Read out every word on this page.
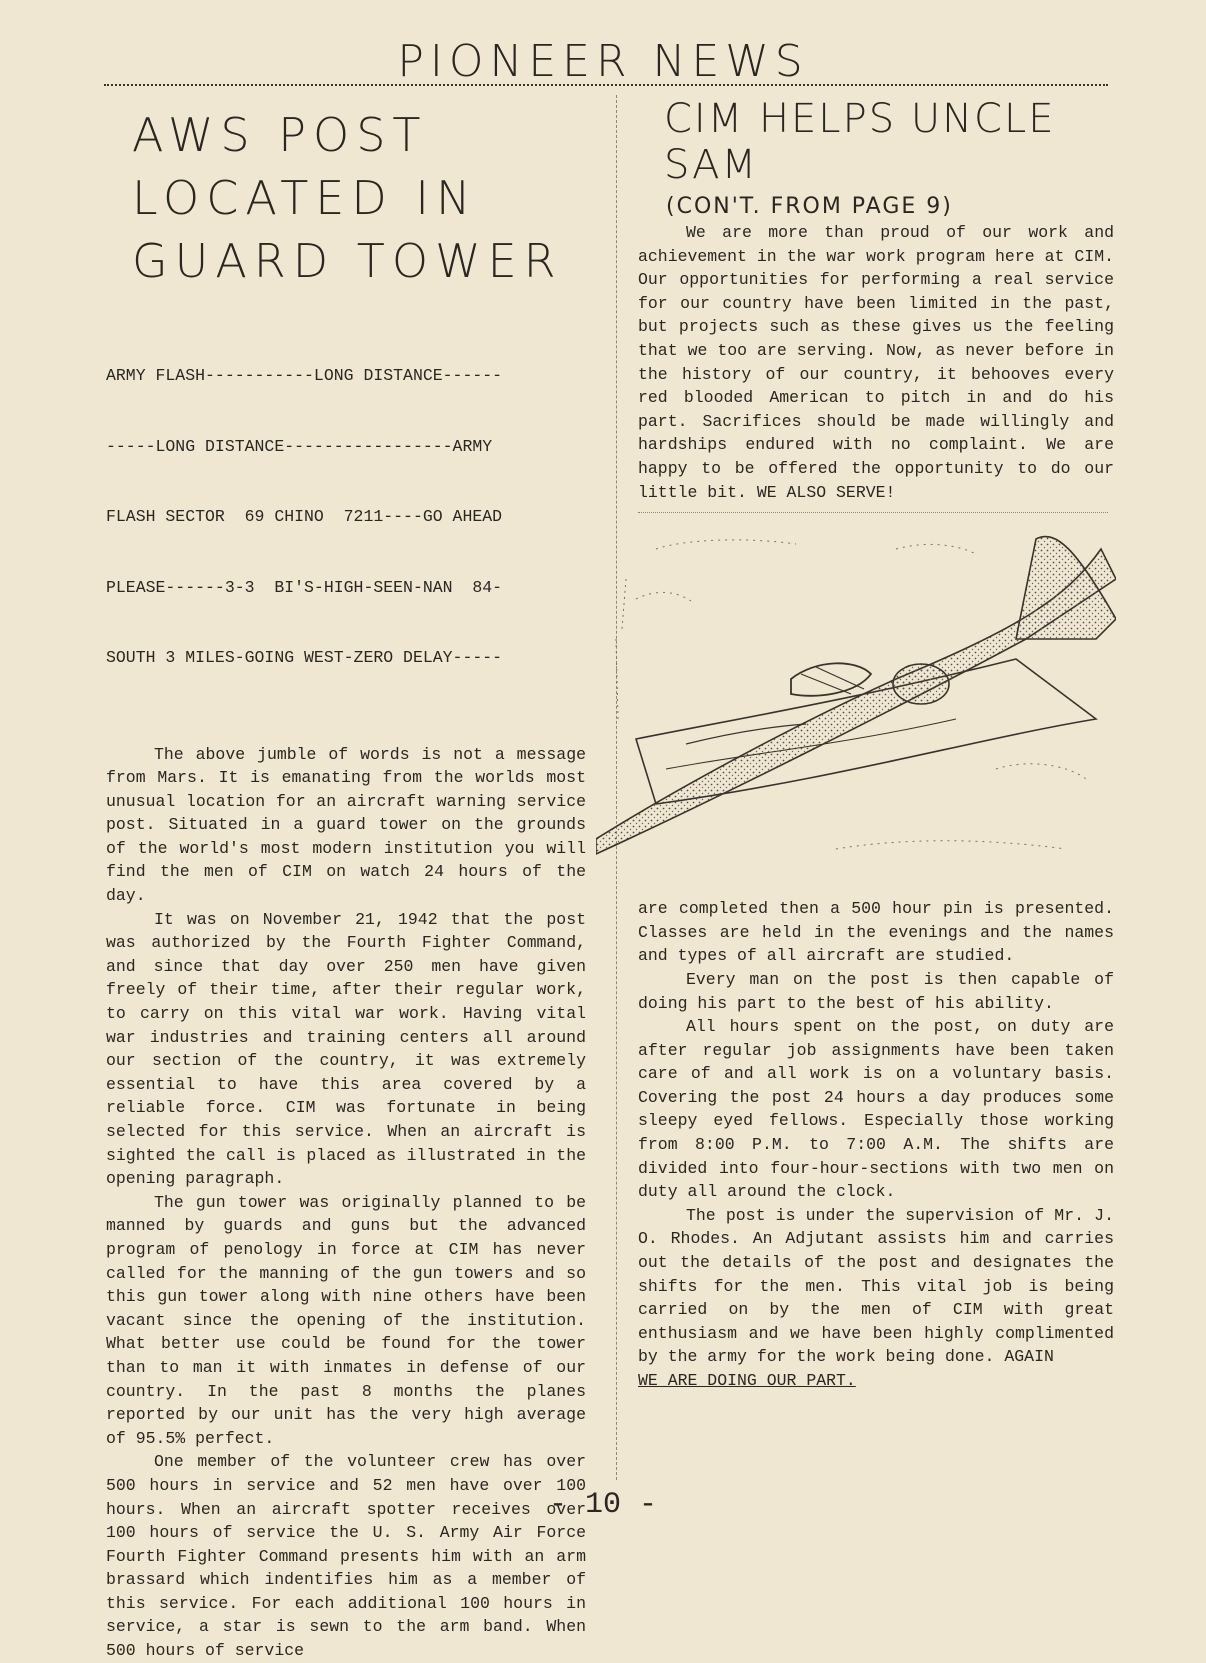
PIONEER NEWS
AWS POST
LOCATED IN
GUARD TOWER

ARMY FLASH-----------LONG DISTANCE------

-----LONG DISTANCE-----------------ARMY

FLASH SECTOR  69 CHINO  7211----GO AHEAD

PLEASE------3-3  BI'S-HIGH-SEEN-NAN  84-

SOUTH 3 MILES-GOING WEST-ZERO DELAY-----

The above jumble of words is not a message from Mars. It is emanating from the worlds most unusual location for an aircraft warning service post. Situated in a guard tower on the grounds of the world's most modern institution you will find the men of CIM on watch 24 hours of the day.

It was on November 21, 1942 that the post was authorized by the Fourth Fighter Command, and since that day over 250 men have given freely of their time, after their regular work, to carry on this vital war work. Having vital war industries and training centers all around our section of the country, it was extremely essential to have this area covered by a reliable force. CIM was fortunate in being selected for this service. When an aircraft is sighted the call is placed as illustrated in the opening paragraph.

The gun tower was originally planned to be manned by guards and guns but the advanced program of penology in force at CIM has never called for the manning of the gun towers and so this gun tower along with nine others have been vacant since the opening of the institution. What better use could be found for the tower than to man it with inmates in defense of our country. In the past 8 months the planes reported by our unit has the very high average of 95.5% perfect.

One member of the volunteer crew has over 500 hours in service and 52 men have over 100 hours. When an aircraft spotter receives over 100 hours of service the U. S. Army Air Force Fourth Fighter Command presents him with an arm brassard which indentifies him as a member of this service. For each additional 100 hours in service, a star is sewn to the arm band. When 500 hours of service

CIM HELPS UNCLE SAM
(CON'T. FROM PAGE 9)

We are more than proud of our work and achievement in the war work program here at CIM. Our opportunities for performing a real service for our country have been limited in the past, but projects such as these gives us the feeling that we too are serving. Now, as never before in the history of our country, it behooves every red blooded American to pitch in and do his part. Sacrifices should be made willingly and hardships endured with no complaint. We are happy to be offered the opportunity to do our little bit. WE ALSO SERVE!

are completed then a 500 hour pin is presented. Classes are held in the evenings and the names and types of all aircraft are studied.

Every man on the post is then capable of doing his part to the best of his ability.

All hours spent on the post, on duty are after regular job assignments have been taken care of and all work is on a voluntary basis. Covering the post 24 hours a day produces some sleepy eyed fellows. Especially those working from 8:00 P.M. to 7:00 A.M. The shifts are divided into four-hour-sections with two men on duty all around the clock.

The post is under the supervision of Mr. J. O. Rhodes. An Adjutant assists him and carries out the details of the post and designates the shifts for the men. This vital job is being carried on by the men of CIM with great enthusiasm and we have been highly complimented by the army for the work being done. AGAIN

WE ARE DOING OUR PART.
- 10 -
